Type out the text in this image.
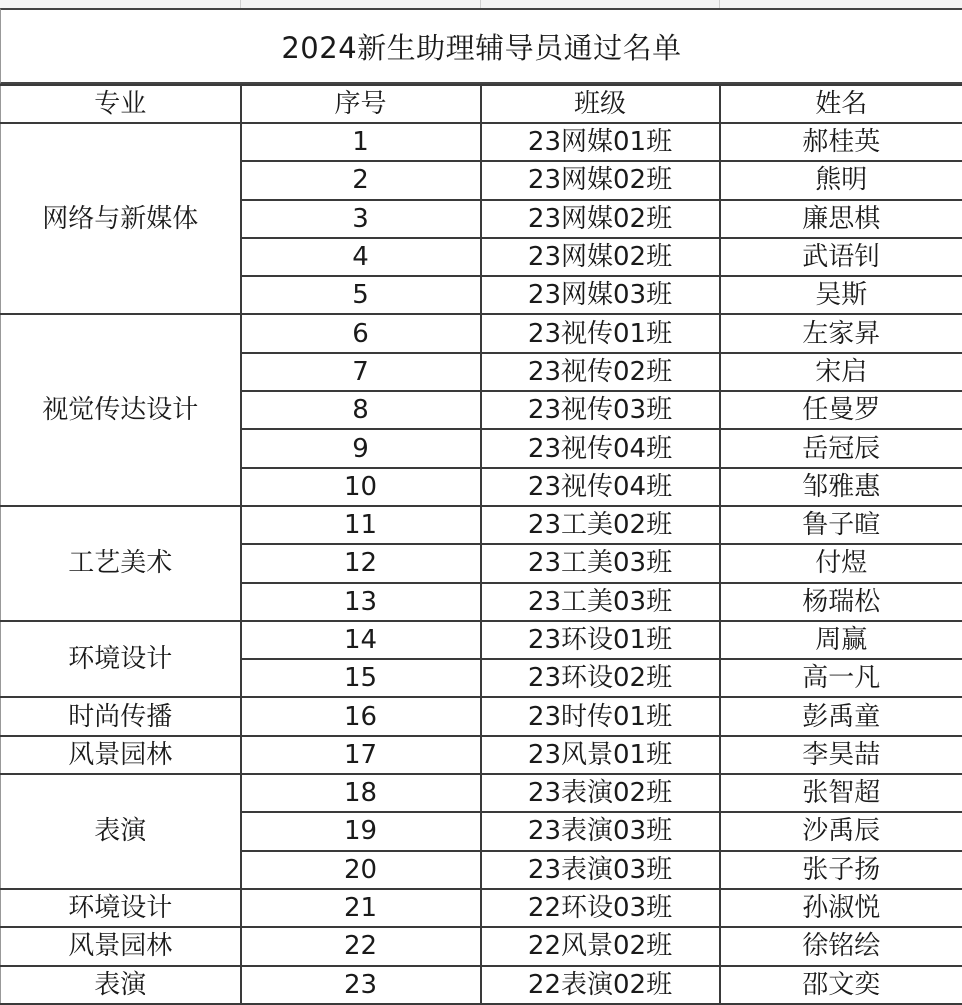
2024新生助理辅导员通过名单
专业	序号	班级	姓名
网络与新媒体	1	23网媒01班	郝桂英
	2	23网媒02班	熊明
	3	23网媒02班	廉思棋
	4	23网媒02班	武语钊
	5	23网媒03班	吴斯
视觉传达设计	6	23视传01班	左家昇
	7	23视传02班	宋启
	8	23视传03班	任曼罗
	9	23视传04班	岳冠辰
	10	23视传04班	邹雅惠
工艺美术	11	23工美02班	鲁子暄
	12	23工美03班	付煜
	13	23工美03班	杨瑞松
环境设计	14	23环设01班	周赢
	15	23环设02班	高一凡
时尚传播	16	23时传01班	彭禹童
风景园林	17	23风景01班	李昊喆
表演	18	23表演02班	张智超
	19	23表演03班	沙禹辰
	20	23表演03班	张子扬
环境设计	21	22环设03班	孙淑悦
风景园林	22	22风景02班	徐铭绘
表演	23	22表演02班	邵文奕
